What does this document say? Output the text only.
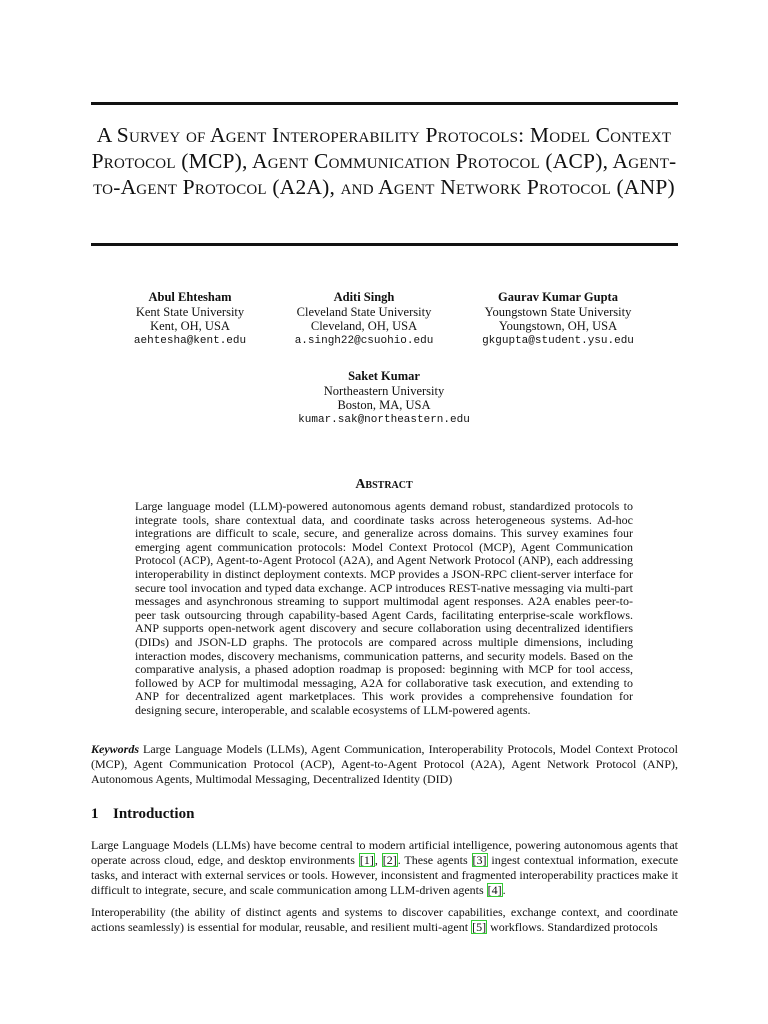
A Survey of Agent Interoperability Protocols: Model Context Protocol (MCP), Agent Communication Protocol (ACP), Agent-to-Agent Protocol (A2A), and Agent Network Protocol (ANP)
Abul Ehtesham
Kent State University
Kent, OH, USA
aehtesha@kent.edu
Aditi Singh
Cleveland State University
Cleveland, OH, USA
a.singh22@csuohio.edu
Gaurav Kumar Gupta
Youngstown State University
Youngstown, OH, USA
gkgupta@student.ysu.edu
Saket Kumar
Northeastern University
Boston, MA, USA
kumar.sak@northeastern.edu
Abstract
Large language model (LLM)-powered autonomous agents demand robust, standardized protocols to integrate tools, share contextual data, and coordinate tasks across heterogeneous systems. Ad-hoc integrations are difficult to scale, secure, and generalize across domains. This survey examines four emerging agent communication protocols: Model Context Protocol (MCP), Agent Communication Protocol (ACP), Agent-to-Agent Protocol (A2A), and Agent Network Protocol (ANP), each addressing interoperability in distinct deployment contexts. MCP provides a JSON-RPC client-server interface for secure tool invocation and typed data exchange. ACP introduces REST-native messaging via multi-part messages and asynchronous streaming to support multimodal agent responses. A2A enables peer-to-peer task outsourcing through capability-based Agent Cards, facilitating enterprise-scale workflows. ANP supports open-network agent discovery and secure collaboration using decentralized identifiers (DIDs) and JSON-LD graphs. The protocols are compared across multiple dimensions, including interaction modes, discovery mechanisms, communication patterns, and security models. Based on the comparative analysis, a phased adoption roadmap is proposed: beginning with MCP for tool access, followed by ACP for multimodal messaging, A2A for collaborative task execution, and extending to ANP for decentralized agent marketplaces. This work provides a comprehensive foundation for designing secure, interoperable, and scalable ecosystems of LLM-powered agents.
Keywords Large Language Models (LLMs), Agent Communication, Interoperability Protocols, Model Context Protocol (MCP), Agent Communication Protocol (ACP), Agent-to-Agent Protocol (A2A), Agent Network Protocol (ANP), Autonomous Agents, Multimodal Messaging, Decentralized Identity (DID)
1 Introduction

Large Language Models (LLMs) have become central to modern artificial intelligence, powering autonomous agents that operate across cloud, edge, and desktop environments [1], [2]. These agents [3] ingest contextual information, execute tasks, and interact with external services or tools. However, inconsistent and fragmented interoperability practices make it difficult to integrate, secure, and scale communication among LLM-driven agents [4].

Interoperability (the ability of distinct agents and systems to discover capabilities, exchange context, and coordinate actions seamlessly) is essential for modular, reusable, and resilient multi-agent [5] workflows. Standardized protocols
